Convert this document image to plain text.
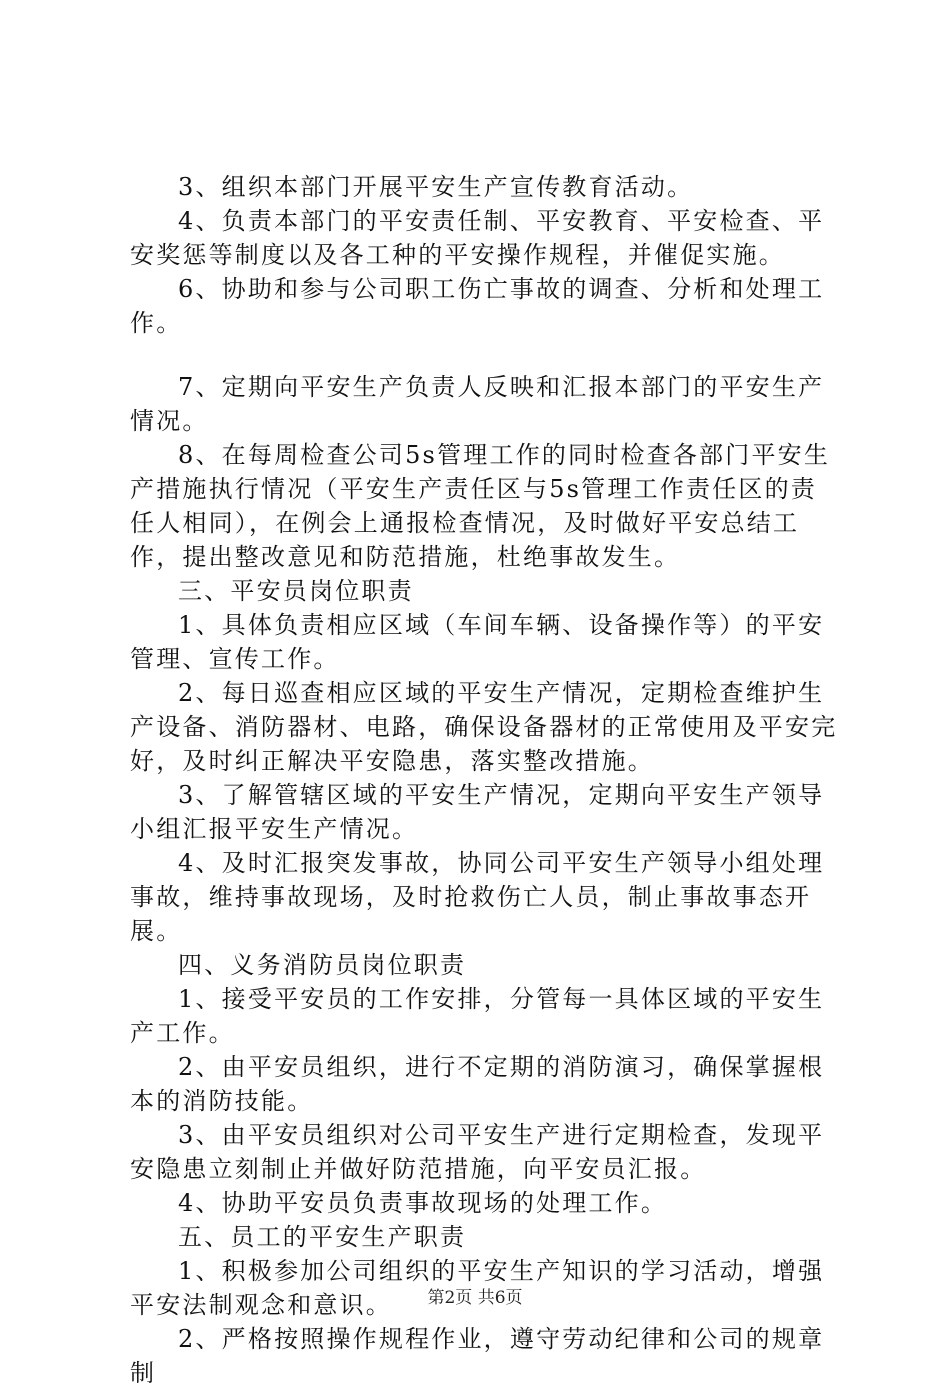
3、组织本部门开展平安生产宣传教育活动。

4、负责本部门的平安责任制、平安教育、平安检查、平安奖惩等制度以及各工种的平安操作规程，并催促实施。

6、协助和参与公司职工伤亡事故的调查、分析和处理工作。

7、定期向平安生产负责人反映和汇报本部门的平安生产情况。

8、在每周检查公司5s管理工作的同时检查各部门平安生产措施执行情况（平安生产责任区与5s管理工作责任区的责任人相同），在例会上通报检查情况，及时做好平安总结工作，提出整改意见和防范措施，杜绝事故发生。

三、平安员岗位职责

1、具体负责相应区域（车间车辆、设备操作等）的平安管理、宣传工作。

2、每日巡查相应区域的平安生产情况，定期检查维护生产设备、消防器材、电路，确保设备器材的正常使用及平安完好，及时纠正解决平安隐患，落实整改措施。

3、了解管辖区域的平安生产情况，定期向平安生产领导小组汇报平安生产情况。

4、及时汇报突发事故，协同公司平安生产领导小组处理事故，维持事故现场，及时抢救伤亡人员，制止事故事态开展。

四、义务消防员岗位职责

1、接受平安员的工作安排，分管每一具体区域的平安生产工作。

2、由平安员组织，进行不定期的消防演习，确保掌握根本的消防技能。

3、由平安员组织对公司平安生产进行定期检查，发现平安隐患立刻制止并做好防范措施，向平安员汇报。

4、协助平安员负责事故现场的处理工作。

五、员工的平安生产职责

1、积极参加公司组织的平安生产知识的学习活动，增强平安法制观念和意识。

2、严格按照操作规程作业，遵守劳动纪律和公司的规章制

第2页 共6页
